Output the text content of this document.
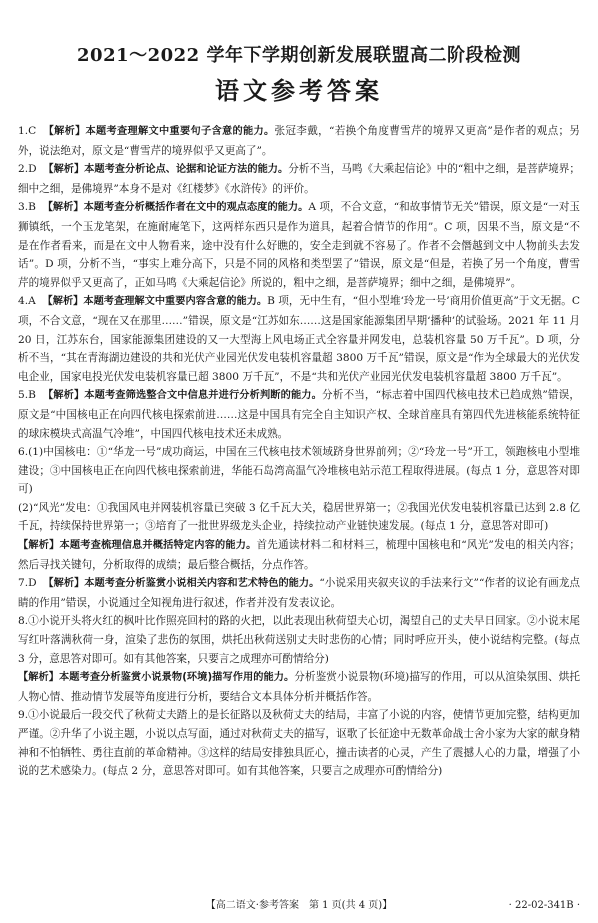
2021～2022 学年下学期创新发展联盟高二阶段检测
语文参考答案

1.C 【解析】本题考查理解文中重要句子含意的能力。张冠李戴，“若换个角度曹雪芹的境界又更高”是作者的观点；另外，说法绝对，原文是“曹雪芹的境界似乎又更高了”。

2.D 【解析】本题考查分析论点、论据和论证方法的能力。分析不当，马鸣《大乘起信论》中的“粗中之细，是菩萨境界；细中之细，是佛境界”本身不是对《红楼梦》《水浒传》的评价。

3.B 【解析】本题考查分析概括作者在文中的观点态度的能力。A 项，不合文意，“和故事情节无关”错误，原文是“一对玉狮镇纸，一个玉龙笔架，在施耐庵笔下，这两样东西只是作为道具，起着合情节的作用”。C 项，因果不当，原文是“不是在作者看来，而是在文中人物看来，途中没有什么好瞧的，安全走到就不容易了。作者不会僭越到文中人物前头去发话”。D 项，分析不当，“事实上难分高下，只是不同的风格和类型罢了”错误，原文是“但是，若换了另一个角度，曹雪芹的境界似乎又更高了，正如马鸣《大乘起信论》所说的，粗中之细，是菩萨境界；细中之细，是佛境界”。

4.A 【解析】本题考查理解文中重要内容含意的能力。B 项，无中生有，“但小型堆‘玲龙一号’商用价值更高”于文无据。C 项，不合文意，“现在又在那里……”错误，原文是“江苏如东……这是国家能源集团早期‘播种’的试验场。2021 年 11 月 20 日，江苏东台，国家能源集团建设的又一大型海上风电场正式全容量并网发电，总装机容量 50 万千瓦”。D 项，分析不当，“其在青海湖边建设的共和光伏产业园光伏发电装机容量超 3800 万千瓦”错误，原文是“作为全球最大的光伏发电企业，国家电投光伏发电装机容量已超 3800 万千瓦”，不是“共和光伏产业园光伏发电装机容量超 3800 万千瓦”。

5.B 【解析】本题考查筛选整合文中信息并进行分析判断的能力。分析不当，“标志着中国四代核电技术已趋成熟”错误，原文是“中国核电正在向四代核电探索前进……这是中国具有完全自主知识产权、全球首座具有第四代先进核能系统特征的球床模块式高温气冷堆”，中国四代核电技术还未成熟。

6.(1)中国核电：①“华龙一号”成功商运，中国在三代核电技术领域跻身世界前列；②“玲龙一号”开工，领跑核电小型堆建设；③中国核电正在向四代核电探索前进，华能石岛湾高温气冷堆核电站示范工程取得进展。(每点 1 分，意思答对即可)

(2)“风光”发电：①我国风电并网装机容量已突破 3 亿千瓦大关，稳居世界第一；②我国光伏发电装机容量已达到 2.8 亿千瓦，持续保持世界第一；③培育了一批世界级龙头企业，持续拉动产业链快速发展。(每点 1 分，意思答对即可)

【解析】本题考查梳理信息并概括特定内容的能力。首先通读材料二和材料三，梳理中国核电和“风光”发电的相关内容；然后寻找关键句，分析取得的成绩；最后整合概括，分点作答。

7.D 【解析】本题考查分析鉴赏小说相关内容和艺术特色的能力。“小说采用夹叙夹议的手法来行文”“作者的议论有画龙点睛的作用”错误，小说通过全知视角进行叙述，作者并没有发表议论。

8.①小说开头将火红的枫叶比作照亮回村的路的火把，以此表现出秋荷望夫心切，渴望自己的丈夫早日回家。②小说末尾写红叶落满秋荷一身，渲染了悲伤的氛围，烘托出秋荷送别丈夫时悲伤的心情；同时呼应开头，使小说结构完整。(每点 3 分，意思答对即可。如有其他答案，只要言之成理亦可酌情给分)

【解析】本题考查分析鉴赏小说景物(环境)描写作用的能力。分析鉴赏小说景物(环境)描写的作用，可以从渲染氛围、烘托人物心情、推动情节发展等角度进行分析，要结合文本具体分析并概括作答。

9.①小说最后一段交代了秋荷丈夫踏上的是长征路以及秋荷丈夫的结局，丰富了小说的内容，使情节更加完整，结构更加严谨。②升华了小说主题，小说以点写面，通过对秋荷丈夫的描写，讴歌了长征途中无数革命战士舍小家为大家的献身精神和不怕牺牲、勇往直前的革命精神。③这样的结局安排独具匠心，撞击读者的心灵，产生了震撼人心的力量，增强了小说的艺术感染力。(每点 2 分，意思答对即可。如有其他答案，只要言之成理亦可酌情给分)

【高二语文·参考答案　第 1 页(共 4 页)】	· 22-02-341B ·
